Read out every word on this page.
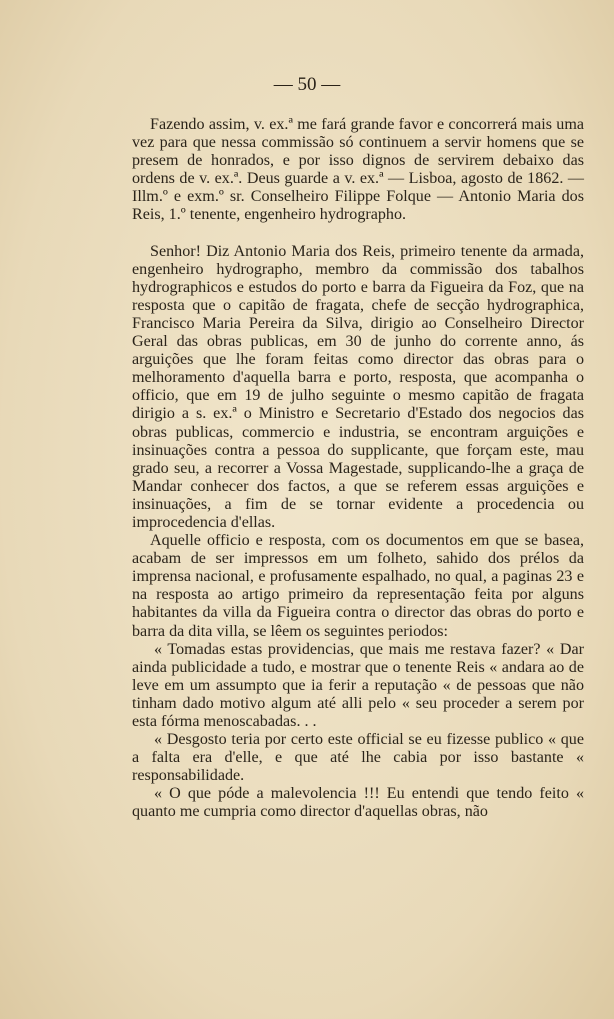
— 50 —

Fazendo assim, v. ex.ª me fará grande favor e concorrerá mais uma vez para que nessa commissão só continuem a servir homens que se presem de honrados, e por isso dignos de servirem debaixo das ordens de v. ex.ª. Deus guarde a v. ex.ª — Lisboa, agosto de 1862. — Illm.º e exm.º sr. Conselheiro Filippe Folque — Antonio Maria dos Reis, 1.º tenente, engenheiro hydrographo.

Senhor! Diz Antonio Maria dos Reis, primeiro tenente da armada, engenheiro hydrographo, membro da commissão dos tabalhos hydrographicos e estudos do porto e barra da Figueira da Foz, que na resposta que o capitão de fragata, chefe de secção hydrographica, Francisco Maria Pereira da Silva, dirigio ao Conselheiro Director Geral das obras publicas, em 30 de junho do corrente anno, ás arguições que lhe foram feitas como director das obras para o melhoramento d'aquella barra e porto, resposta, que acompanha o officio, que em 19 de julho seguinte o mesmo capitão de fragata dirigio a s. ex.ª o Ministro e Secretario d'Estado dos negocios das obras publicas, commercio e industria, se encontram arguições e insinuações contra a pessoa do supplicante, que forçam este, mau grado seu, a recorrer a Vossa Magestade, supplicando-lhe a graça de Mandar conhecer dos factos, a que se referem essas arguições e insinuações, a fim de se tornar evidente a procedencia ou improcedencia d'ellas.

Aquelle officio e resposta, com os documentos em que se basea, acabam de ser impressos em um folheto, sahido dos prélos da imprensa nacional, e profusamente espalhado, no qual, a paginas 23 e na resposta ao artigo primeiro da representação feita por alguns habitantes da villa da Figueira contra o director das obras do porto e barra da dita villa, se lêem os seguintes periodos:

« Tomadas estas providencias, que mais me restava fazer? « Dar ainda publicidade a tudo, e mostrar que o tenente Reis « andara ao de leve em um assumpto que ia ferir a reputação « de pessoas que não tinham dado motivo algum até alli pelo « seu proceder a serem por esta fórma menoscabadas. . .

« Desgosto teria por certo este official se eu fizesse publico « que a falta era d'elle, e que até lhe cabia por isso bastante « responsabilidade.

« O que póde a malevolencia !!! Eu entendi que tendo feito « quanto me cumpria como director d'aquellas obras, não
